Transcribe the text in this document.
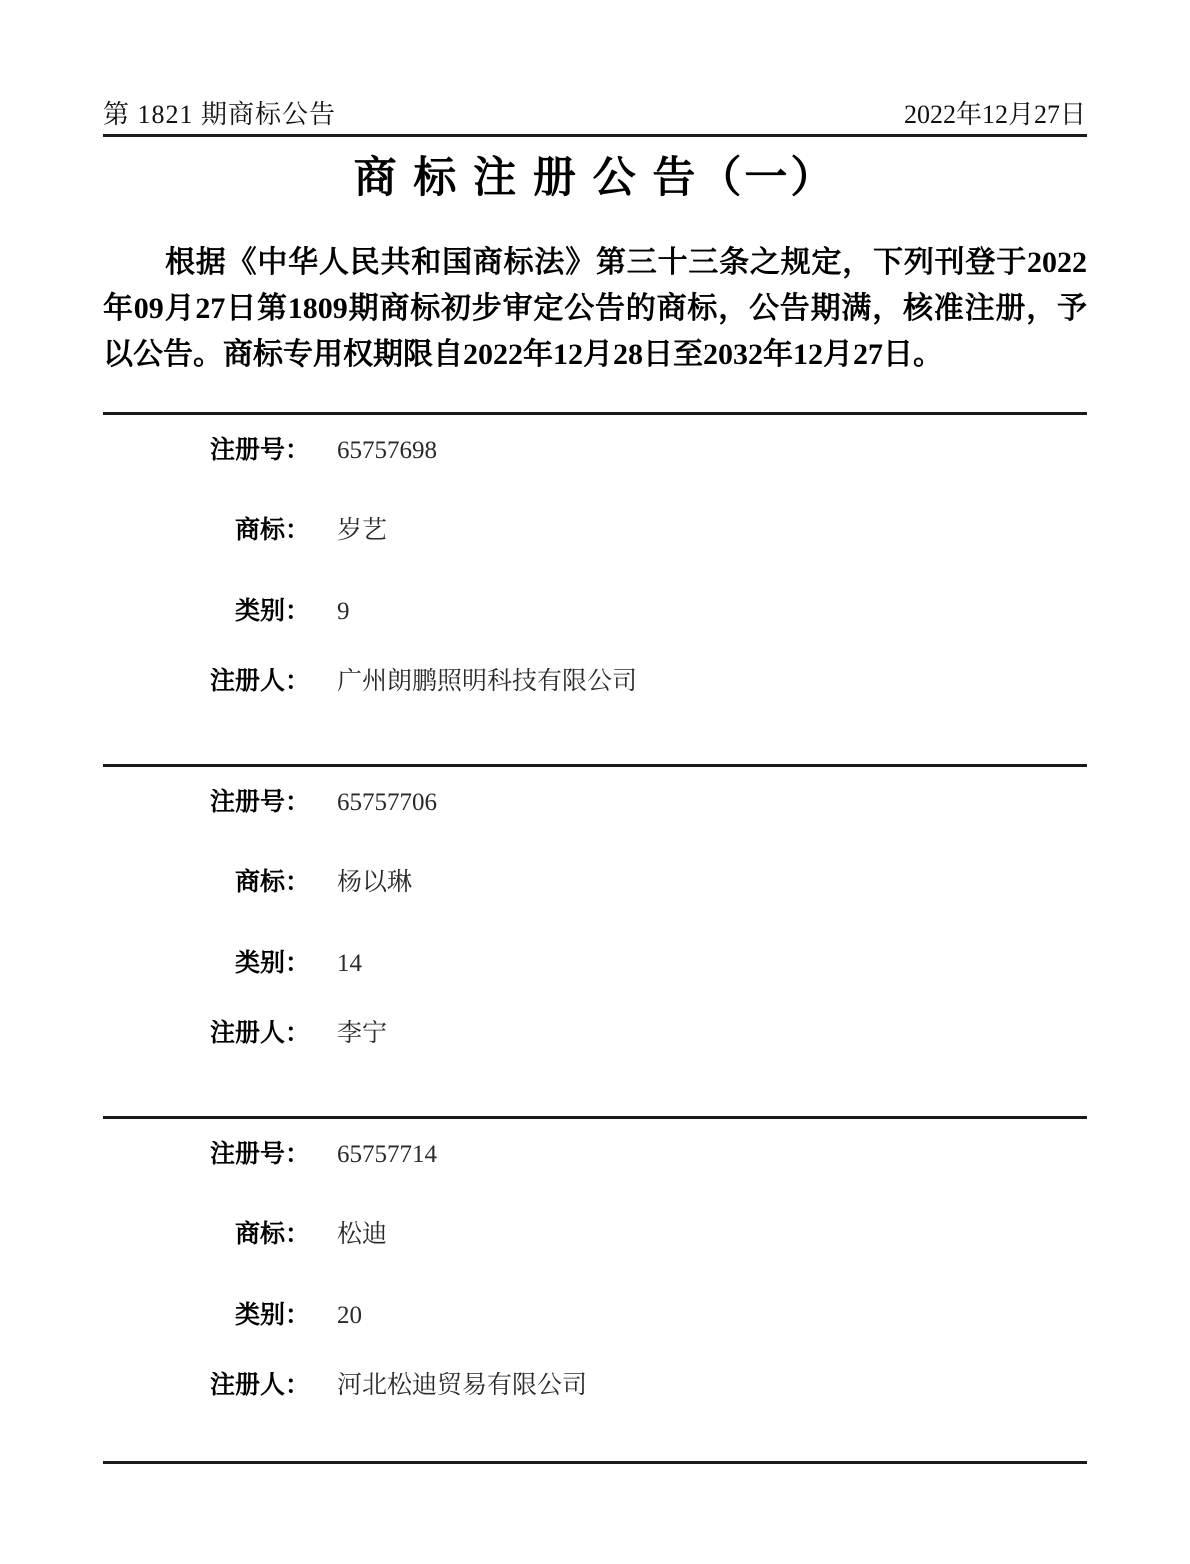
第 1821 期商标公告	2022年12月27日
商 标 注 册 公 告（一）
根据《中华人民共和国商标法》第三十三条之规定，下列刊登于2022年09月27日第1809期商标初步审定公告的商标，公告期满，核准注册，予以公告。商标专用权期限自2022年12月28日至2032年12月27日。
注册号： 65757698
商标： 岁艺
类别： 9
注册人： 广州朗鹏照明科技有限公司
注册号： 65757706
商标： 杨以琳
类别： 14
注册人： 李宁
注册号： 65757714
商标： 松迪
类别： 20
注册人： 河北松迪贸易有限公司
